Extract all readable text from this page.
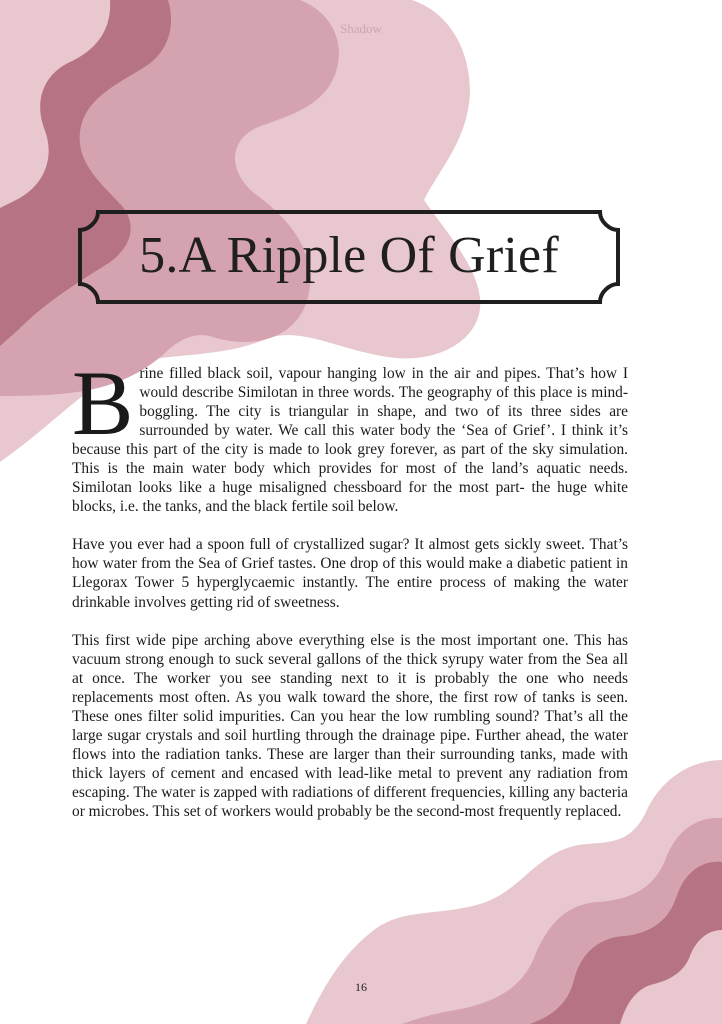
Shadow
5.A Ripple Of Grief

Brine filled black soil, vapour hanging low in the air and pipes. That’s how I would describe Similotan in three words. The geography of this place is mind-boggling. The city is triangular in shape, and two of its three sides are surrounded by water. We call this water body the ‘Sea of Grief’. I think it’s because this part of the city is made to look grey forever, as part of the sky simulation. This is the main water body which provides for most of the land’s aquatic needs. Similotan looks like a huge misaligned chessboard for the most part- the huge white blocks, i.e. the tanks, and the black fertile soil below.

Have you ever had a spoon full of crystallized sugar? It almost gets sickly sweet. That’s how water from the Sea of Grief tastes. One drop of this would make a diabetic patient in Llegorax Tower 5 hyperglycaemic instantly. The entire process of making the water drinkable involves getting rid of sweetness.

This first wide pipe arching above everything else is the most important one. This has vacuum strong enough to suck several gallons of the thick syrupy water from the Sea all at once. The worker you see standing next to it is probably the one who needs replacements most often. As you walk toward the shore, the first row of tanks is seen. These ones filter solid impurities. Can you hear the low rumbling sound? That’s all the large sugar crystals and soil hurtling through the drainage pipe. Further ahead, the water flows into the radiation tanks. These are larger than their surrounding tanks, made with thick layers of cement and encased with lead-like metal to prevent any radiation from escaping. The water is zapped with radiations of different frequencies, killing any bacteria or microbes. This set of workers would probably be the second-most frequently replaced.

16
